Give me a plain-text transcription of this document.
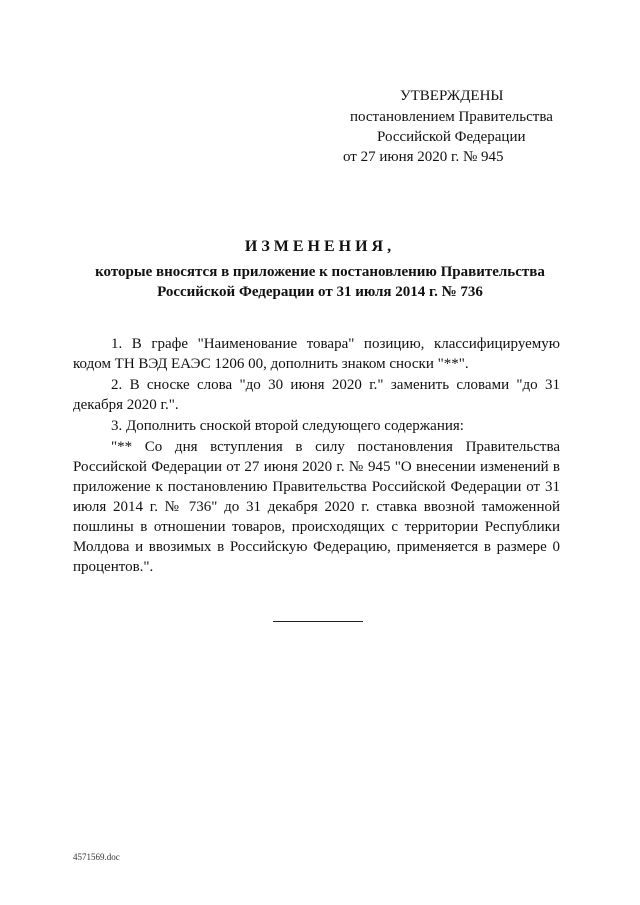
УТВЕРЖДЕНЫ
постановлением Правительства
Российской Федерации
от 27 июня 2020 г. № 945
ИЗМЕНЕНИЯ,
которые вносятся в приложение к постановлению Правительства
Российской Федерации от 31 июля 2014 г. № 736

1. В графе "Наименование товара" позицию, классифицируемую кодом ТН ВЭД ЕАЭС 1206 00, дополнить знаком сноски "**".

2. В сноске слова "до 30 июня 2020 г." заменить словами "до 31 декабря 2020 г.".

3. Дополнить сноской второй следующего содержания:

"** Со дня вступления в силу постановления Правительства Российской Федерации от 27 июня 2020 г. № 945 "О внесении изменений в приложение к постановлению Правительства Российской Федерации от 31 июля 2014 г. № 736" до 31 декабря 2020 г. ставка ввозной таможенной пошлины в отношении товаров, происходящих с территории Республики Молдова и ввозимых в Российскую Федерацию, применяется в размере 0 процентов.".

4571569.doc
